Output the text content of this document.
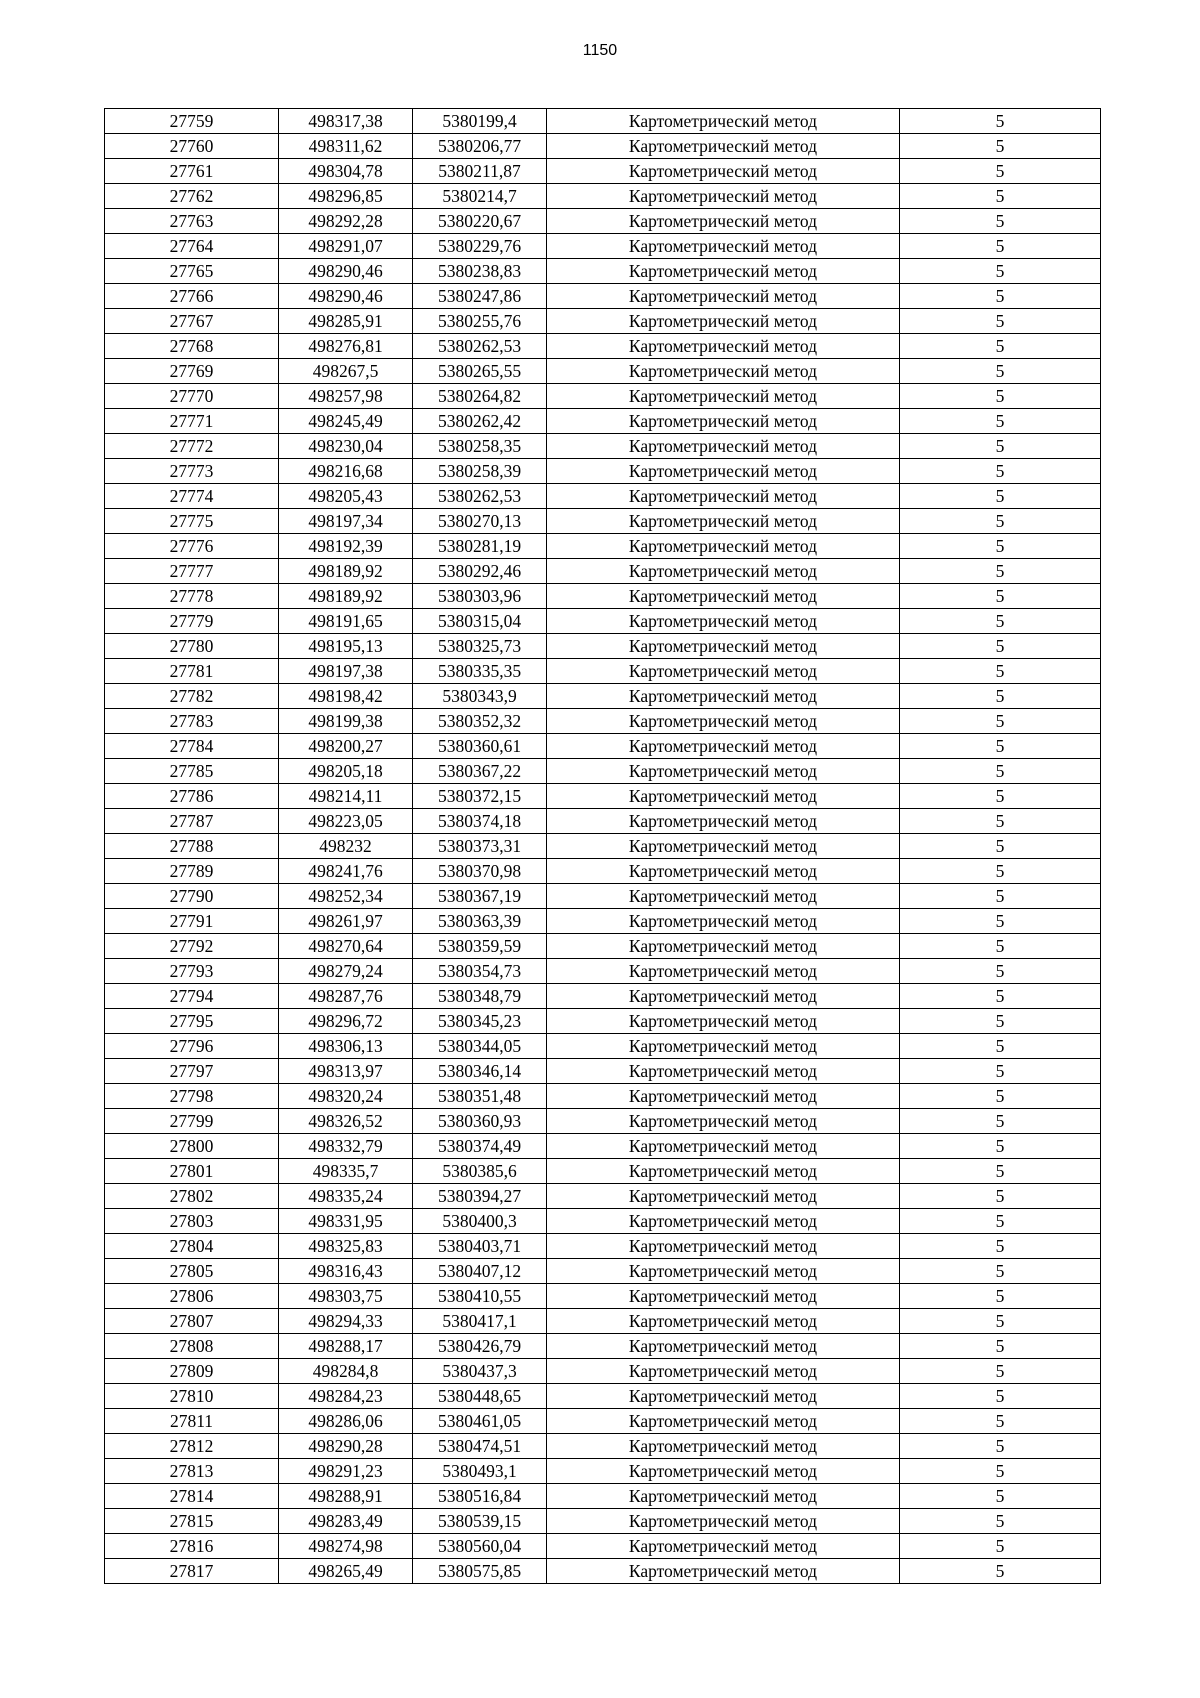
1150
27759	498317,38	5380199,4	Картометрический метод	5
27760	498311,62	5380206,77	Картометрический метод	5
27761	498304,78	5380211,87	Картометрический метод	5
27762	498296,85	5380214,7	Картометрический метод	5
27763	498292,28	5380220,67	Картометрический метод	5
27764	498291,07	5380229,76	Картометрический метод	5
27765	498290,46	5380238,83	Картометрический метод	5
27766	498290,46	5380247,86	Картометрический метод	5
27767	498285,91	5380255,76	Картометрический метод	5
27768	498276,81	5380262,53	Картометрический метод	5
27769	498267,5	5380265,55	Картометрический метод	5
27770	498257,98	5380264,82	Картометрический метод	5
27771	498245,49	5380262,42	Картометрический метод	5
27772	498230,04	5380258,35	Картометрический метод	5
27773	498216,68	5380258,39	Картометрический метод	5
27774	498205,43	5380262,53	Картометрический метод	5
27775	498197,34	5380270,13	Картометрический метод	5
27776	498192,39	5380281,19	Картометрический метод	5
27777	498189,92	5380292,46	Картометрический метод	5
27778	498189,92	5380303,96	Картометрический метод	5
27779	498191,65	5380315,04	Картометрический метод	5
27780	498195,13	5380325,73	Картометрический метод	5
27781	498197,38	5380335,35	Картометрический метод	5
27782	498198,42	5380343,9	Картометрический метод	5
27783	498199,38	5380352,32	Картометрический метод	5
27784	498200,27	5380360,61	Картометрический метод	5
27785	498205,18	5380367,22	Картометрический метод	5
27786	498214,11	5380372,15	Картометрический метод	5
27787	498223,05	5380374,18	Картометрический метод	5
27788	498232	5380373,31	Картометрический метод	5
27789	498241,76	5380370,98	Картометрический метод	5
27790	498252,34	5380367,19	Картометрический метод	5
27791	498261,97	5380363,39	Картометрический метод	5
27792	498270,64	5380359,59	Картометрический метод	5
27793	498279,24	5380354,73	Картометрический метод	5
27794	498287,76	5380348,79	Картометрический метод	5
27795	498296,72	5380345,23	Картометрический метод	5
27796	498306,13	5380344,05	Картометрический метод	5
27797	498313,97	5380346,14	Картометрический метод	5
27798	498320,24	5380351,48	Картометрический метод	5
27799	498326,52	5380360,93	Картометрический метод	5
27800	498332,79	5380374,49	Картометрический метод	5
27801	498335,7	5380385,6	Картометрический метод	5
27802	498335,24	5380394,27	Картометрический метод	5
27803	498331,95	5380400,3	Картометрический метод	5
27804	498325,83	5380403,71	Картометрический метод	5
27805	498316,43	5380407,12	Картометрический метод	5
27806	498303,75	5380410,55	Картометрический метод	5
27807	498294,33	5380417,1	Картометрический метод	5
27808	498288,17	5380426,79	Картометрический метод	5
27809	498284,8	5380437,3	Картометрический метод	5
27810	498284,23	5380448,65	Картометрический метод	5
27811	498286,06	5380461,05	Картометрический метод	5
27812	498290,28	5380474,51	Картометрический метод	5
27813	498291,23	5380493,1	Картометрический метод	5
27814	498288,91	5380516,84	Картометрический метод	5
27815	498283,49	5380539,15	Картометрический метод	5
27816	498274,98	5380560,04	Картометрический метод	5
27817	498265,49	5380575,85	Картометрический метод	5
